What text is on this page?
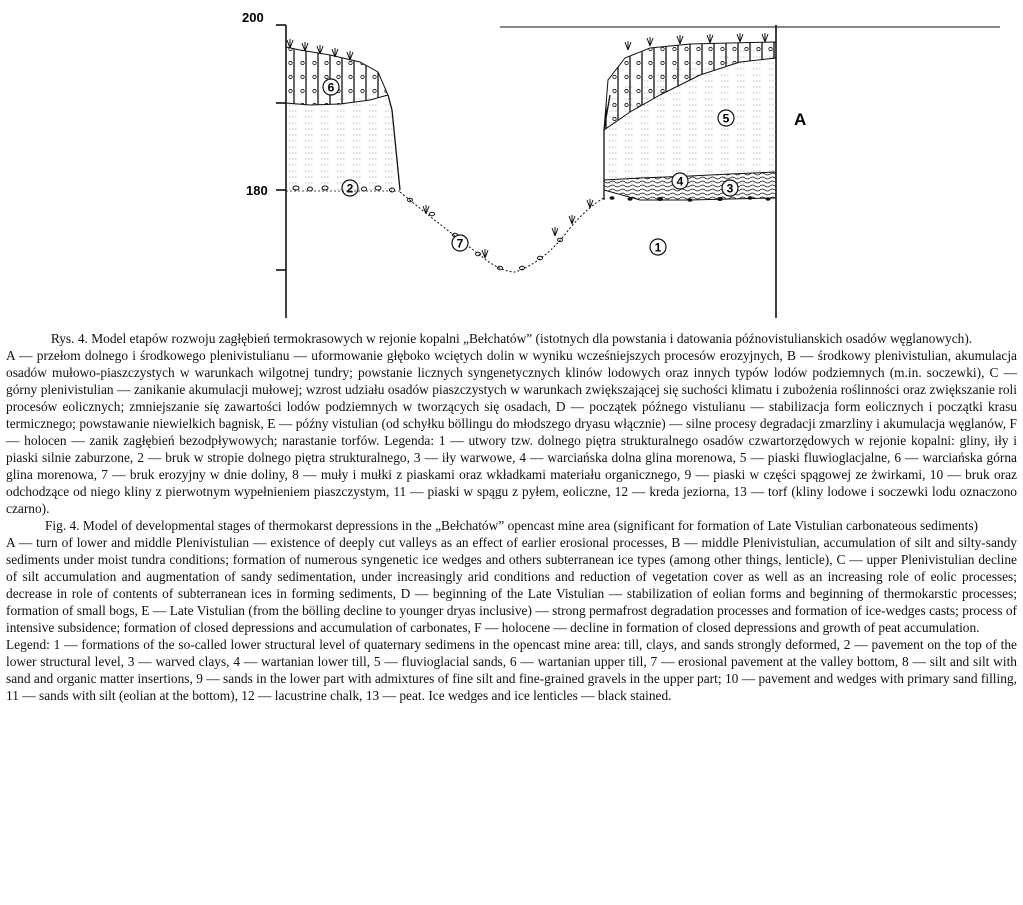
200
180
1
2	3
4
5
6
7
A

Rys. 4. Model etapów rozwoju zagłębień termokrasowych w rejonie kopalni „Bełchatów” (istotnych dla powstania i datowania późnovistulianskich osadów węglanowych).

A — przełom dolnego i środkowego plenivistulianu — uformowanie głęboko wciętych dolin w wyniku wcześniejszych procesów erozyjnych, B — środkowy plenivistulian, akumulacja osadów mułowo-piaszczystych w warunkach wilgotnej tundry; powstanie licznych syngenetycznych klinów lodowych oraz innych typów lodów podziemnych (m.in. soczewki), C — górny plenivistulian — zanikanie akumulacji mułowej; wzrost udziału osadów piaszczystych w warunkach zwiększającej się suchości klimatu i zubożenia roślinności oraz zwiększanie roli procesów eolicznych; zmniejszanie się zawartości lodów podziemnych w tworzących się osadach, D — początek późnego vistulianu — stabilizacja form eolicznych i początki krasu termicznego; powstawanie niewielkich bagnisk, E — późny vistulian (od schyłku böllingu do młodszego dryasu włącznie) — silne procesy degradacji zmarzliny i akumulacja węglanów, F — holocen — zanik zagłębień bezodpływowych; narastanie torfów. Legenda: 1 — utwory tzw. dolnego piętra strukturalnego osadów czwartorzędowych w rejonie kopalni: gliny, iły i piaski silnie zaburzone, 2 — bruk w stropie dolnego piętra strukturalnego, 3 — iły warwowe, 4 — warciańska dolna glina morenowa, 5 — piaski fluwioglacjalne, 6 — warciańska górna glina morenowa, 7 — bruk erozyjny w dnie doliny, 8 — muły i mułki z piaskami oraz wkładkami materiału organicznego, 9 — piaski w części spągowej ze żwirkami, 10 — bruk oraz odchodzące od niego kliny z pierwotnym wypełnieniem piaszczystym, 11 — piaski w spągu z pyłem, eoliczne, 12 — kreda jeziorna, 13 — torf (kliny lodowe i soczewki lodu oznaczono czarno).

Fig. 4. Model of developmental stages of thermokarst depressions in the „Bełchatów” opencast mine area (significant for formation of Late Vistulian carbonateous sediments)

A — turn of lower and middle Plenivistulian — existence of deeply cut valleys as an effect of earlier erosional processes, B — middle Plenivistulian, accumulation of silt and silty-sandy sediments under moist tundra conditions; formation of numerous syngenetic ice wedges and others subterranean ice types (among other things, lenticle), C — upper Plenivistulian decline of silt accumulation and augmentation of sandy sedimentation, under increasingly arid conditions and reduction of vegetation cover as well as an increasing role of eolic processes; decrease in role of contents of subterranean ices in forming sediments, D — beginning of the Late Vistulian — stabilization of eolian forms and beginning of thermokarstic processes; formation of small bogs, E — Late Vistulian (from the bölling decline to younger dryas inclusive) — strong permafrost degradation processes and formation of ice-wedges casts; process of intensive subsidence; formation of closed depressions and accumulation of carbonates, F — holocene — decline in formation of closed depressions and growth of peat accumulation.

Legend: 1 — formations of the so-called lower structural level of quaternary sedimens in the opencast mine area: till, clays, and sands strongly deformed, 2 — pavement on the top of the lower structural level, 3 — warved clays, 4 — wartanian lower till, 5 — fluvioglacial sands, 6 — wartanian upper till, 7 — erosional pavement at the valley bottom, 8 — silt and silt with sand and organic matter insertions, 9 — sands in the lower part with admixtures of fine silt and fine-grained gravels in the upper part; 10 — pavement and wedges with primary sand filling, 11 — sands with silt (eolian at the bottom), 12 — lacustrine chalk, 13 — peat. Ice wedges and ice lenticles — black stained.
